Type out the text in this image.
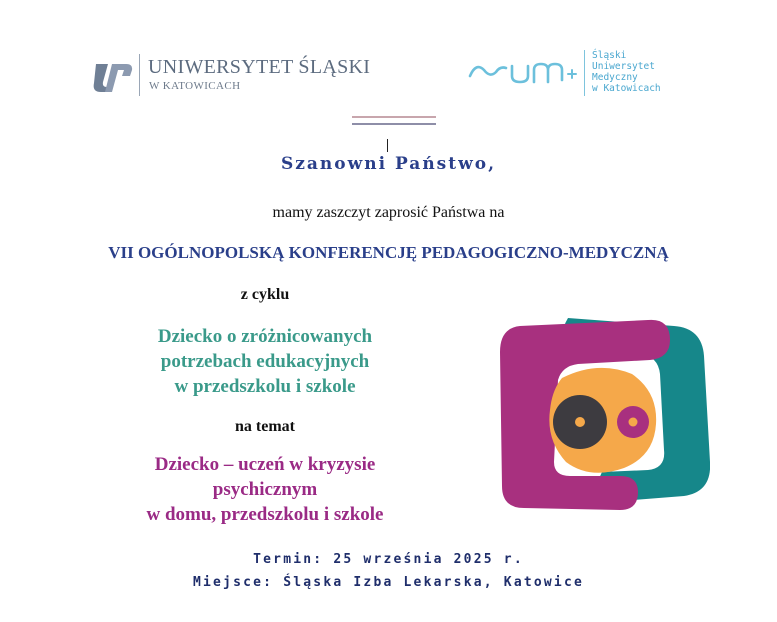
UNIWERSYTET ŚLĄSKI
W KATOWICACH
Śląski
Uniwersytet
Medyczny
w Katowicach
Szanowni Państwo,
mamy zaszczyt zaprosić Państwa na
VII OGÓLNOPOLSKĄ KONFERENCJĘ PEDAGOGICZNO-MEDYCZNĄ
z cyklu
Dziecko o zróżnicowanych
potrzebach edukacyjnych
w przedszkolu i szkole
na temat
Dziecko – uczeń w kryzysie
psychicznym
w domu, przedszkolu i szkole
Termin: 25 września 2025 r.
Miejsce: Śląska Izba Lekarska, Katowice
